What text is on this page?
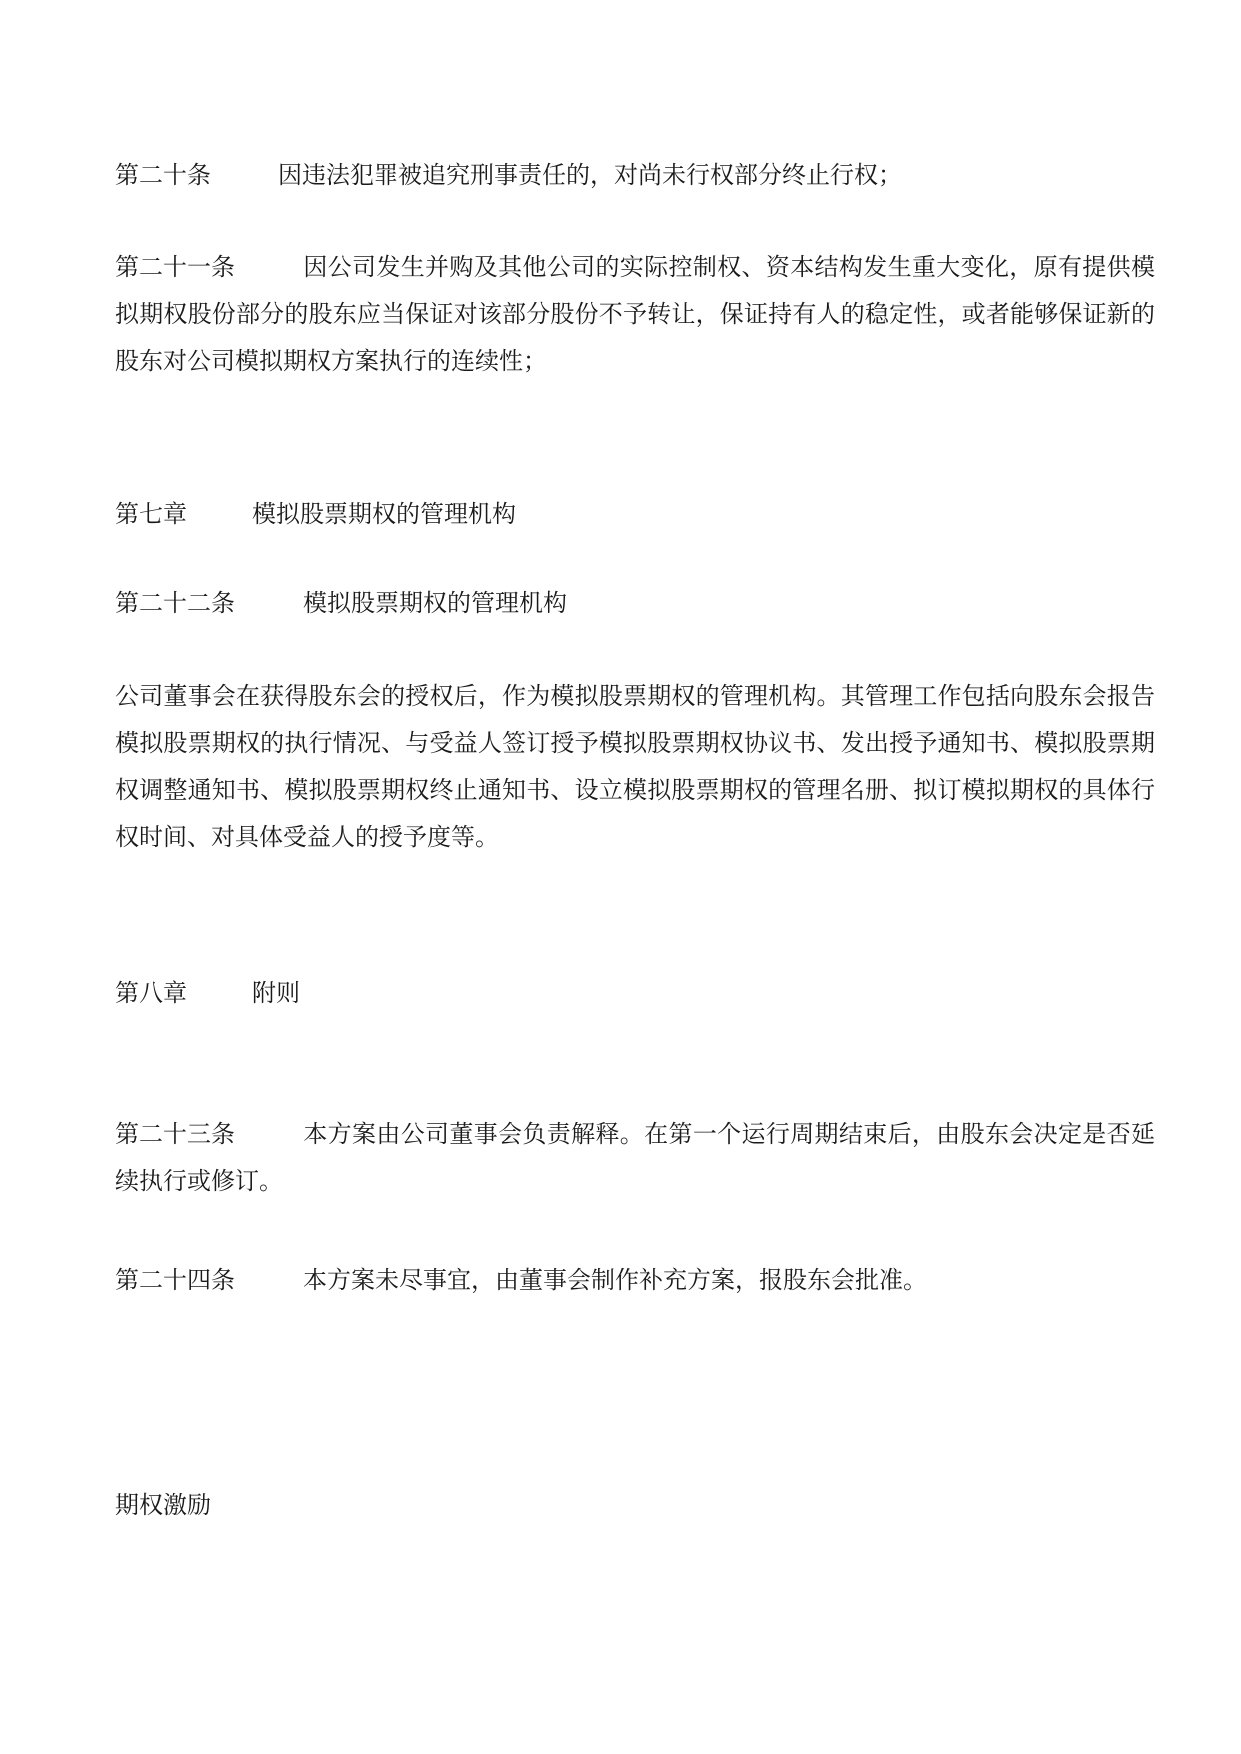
第二十条	因违法犯罪被追究刑事责任的，对尚未行权部分终止行权；

第二十一条	因公司发生并购及其他公司的实际控制权、资本结构发生重大变化，原有提供模拟期权股份部分的股东应当保证对该部分股份不予转让，保证持有人的稳定性，或者能够保证新的股东对公司模拟期权方案执行的连续性；

第七章	模拟股票期权的管理机构
第二十二条	模拟股票期权的管理机构

公司董事会在获得股东会的授权后，作为模拟股票期权的管理机构。其管理工作包括向股东会报告模拟股票期权的执行情况、与受益人签订授予模拟股票期权协议书、发出授予通知书、模拟股票期权调整通知书、模拟股票期权终止通知书、设立模拟股票期权的管理名册、拟订模拟期权的具体行权时间、对具体受益人的授予度等。

第八章	附则

第二十三条	本方案由公司董事会负责解释。在第一个运行周期结束后，由股东会决定是否延续执行或修订。

第二十四条	本方案未尽事宜，由董事会制作补充方案，报股东会批准。
期权激励
